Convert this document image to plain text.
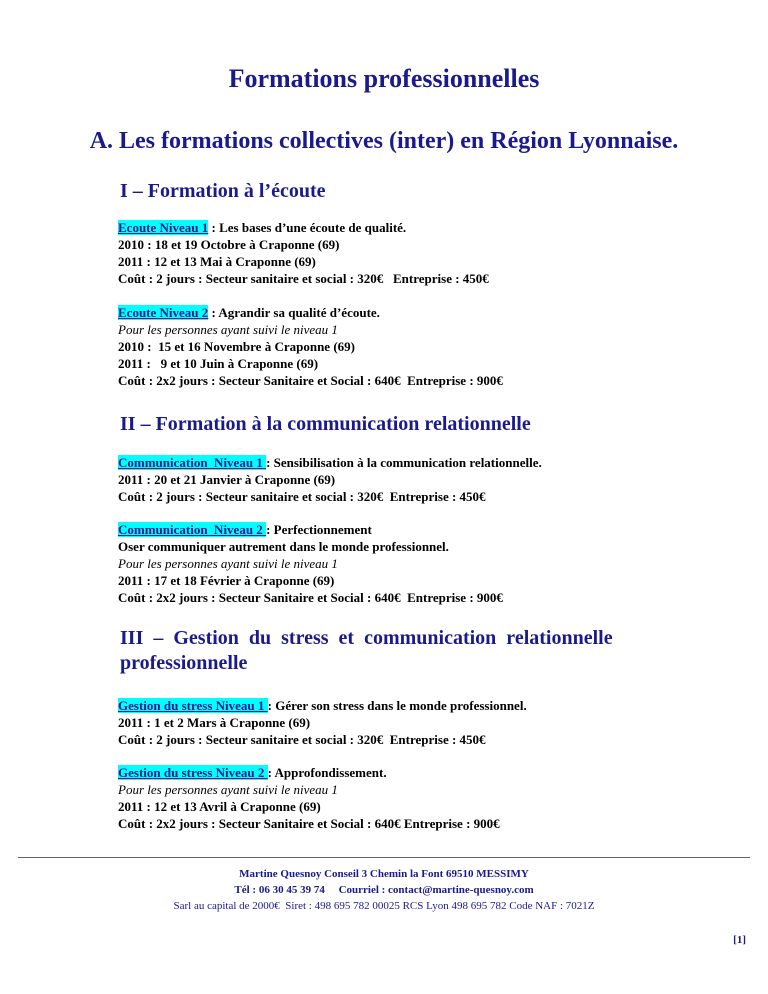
Formations professionnelles
A. Les formations collectives (inter) en Région Lyonnaise.
I – Formation à l’écoute
Ecoute Niveau 1 : Les bases d’une écoute de qualité.
2010 : 18 et 19 Octobre à Craponne (69)
2011 : 12 et 13 Mai à Craponne (69)
Coût : 2 jours : Secteur sanitaire et social : 320€   Entreprise : 450€
Ecoute Niveau 2 : Agrandir sa qualité d’écoute.
Pour les personnes ayant suivi le niveau 1
2010 :  15 et 16 Novembre à Craponne (69)
2011 :   9 et 10 Juin à Craponne (69)
Coût : 2x2 jours : Secteur Sanitaire et Social : 640€  Entreprise : 900€
II – Formation à la communication relationnelle
Communication  Niveau 1 : Sensibilisation à la communication relationnelle.
2011 : 20 et 21 Janvier à Craponne (69)
Coût : 2 jours : Secteur sanitaire et social : 320€  Entreprise : 450€
Communication  Niveau 2 : Perfectionnement
Oser communiquer autrement dans le monde professionnel.
Pour les personnes ayant suivi le niveau 1
2011 : 17 et 18 Février à Craponne (69)
Coût : 2x2 jours : Secteur Sanitaire et Social : 640€  Entreprise : 900€
III  –  Gestion  du  stress  et  communication  relationnelle
professionnelle
Gestion du stress Niveau 1 : Gérer son stress dans le monde professionnel.
2011 : 1 et 2 Mars à Craponne (69)
Coût : 2 jours : Secteur sanitaire et social : 320€  Entreprise : 450€
Gestion du stress Niveau 2 : Approfondissement.
Pour les personnes ayant suivi le niveau 1
2011 : 12 et 13 Avril à Craponne (69)
Coût : 2x2 jours : Secteur Sanitaire et Social : 640€ Entreprise : 900€
Martine Quesnoy Conseil 3 Chemin la Font 69510 MESSIMY
Tél : 06 30 45 39 74     Courriel : contact@martine-quesnoy.com
Sarl au capital de 2000€  Siret : 498 695 782 00025 RCS Lyon 498 695 782 Code NAF : 7021Z
[1]
